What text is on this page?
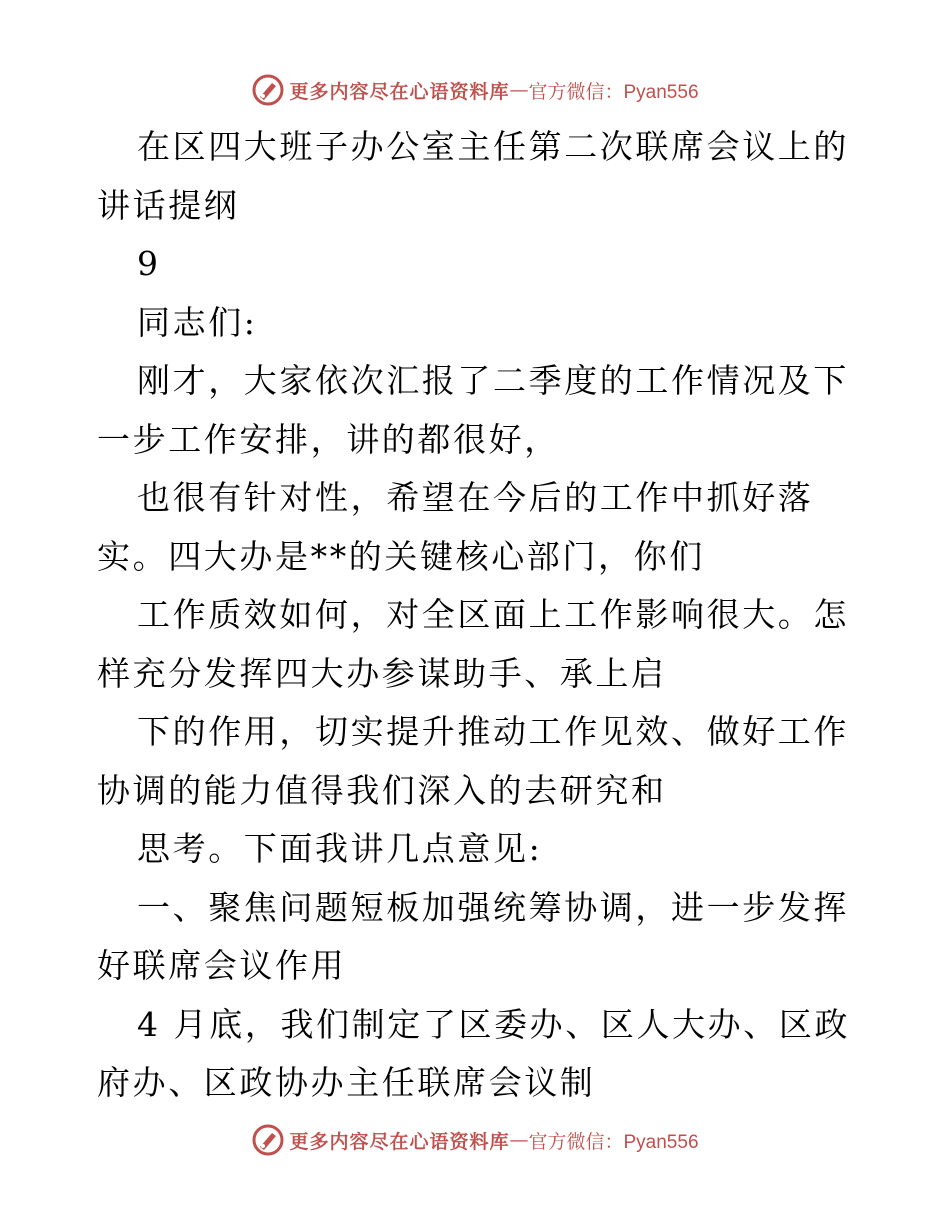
更多内容尽在心语资料库 — 官方微信：Pyan556

在区四大班子办公室主任第二次联席会议上的讲话提纲

9

同志们:

刚才，大家依次汇报了二季度的工作情况及下一步工作安排，讲的都很好，

也很有针对性，希望在今后的工作中抓好落实。四大办是**的关键核心部门，你们

工作质效如何，对全区面上工作影响很大。怎样充分发挥四大办参谋助手、承上启

下的作用，切实提升推动工作见效、做好工作协调的能力值得我们深入的去研究和

思考。下面我讲几点意见:

一、聚焦问题短板加强统筹协调，进一步发挥好联席会议作用

4 月底，我们制定了区委办、区人大办、区政府办、区政协办主任联席会议制

更多内容尽在心语资料库 — 官方微信：Pyan556
